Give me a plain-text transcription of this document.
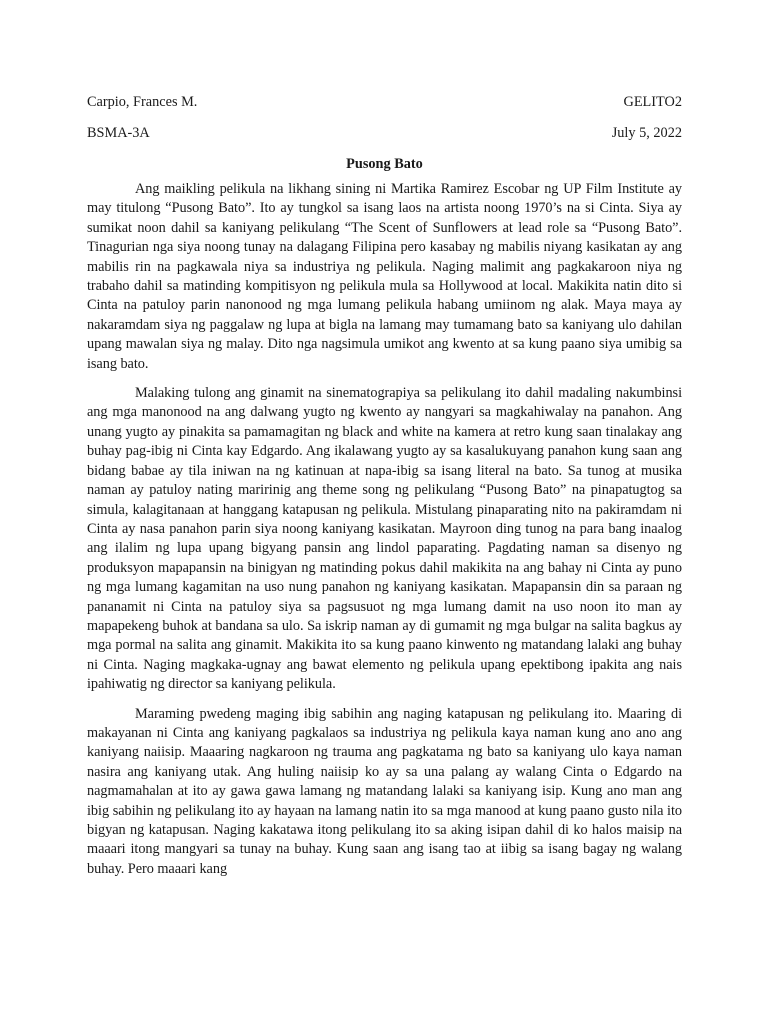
Carpio, Frances M.	GELITO2
BSMA-3A	July 5, 2022
Pusong Bato

Ang maikling pelikula na likhang sining ni Martika Ramirez Escobar ng UP Film Institute ay may titulong “Pusong Bato”. Ito ay tungkol sa isang laos na artista noong 1970’s na si Cinta. Siya ay sumikat noon dahil sa kaniyang pelikulang “The Scent of Sunflowers at lead role sa “Pusong Bato”. Tinagurian nga siya noong tunay na dalagang Filipina pero kasabay ng mabilis niyang kasikatan ay ang mabilis rin na pagkawala niya sa industriya ng pelikula. Naging malimit ang pagkakaroon niya ng trabaho dahil sa matinding kompitisyon ng pelikula mula sa Hollywood at local. Makikita natin dito si Cinta na patuloy parin nanonood ng mga lumang pelikula habang umiinom ng alak. Maya maya ay nakaramdam siya ng paggalaw ng lupa at bigla na lamang may tumamang bato sa kaniyang ulo dahilan upang mawalan siya ng malay. Dito nga nagsimula umikot ang kwento at sa kung paano siya umibig sa isang bato.

Malaking tulong ang ginamit na sinematograpiya sa pelikulang ito dahil madaling nakumbinsi ang mga manonood na ang dalwang yugto ng kwento ay nangyari sa magkahiwalay na panahon. Ang unang yugto ay pinakita sa pamamagitan ng black and white na kamera at retro kung saan tinalakay ang buhay pag-ibig ni Cinta kay Edgardo. Ang ikalawang yugto ay sa kasalukuyang panahon kung saan ang bidang babae ay tila iniwan na ng katinuan at napa-ibig sa isang literal na bato. Sa tunog at musika naman ay patuloy nating maririnig ang theme song ng pelikulang “Pusong Bato” na pinapatugtog sa simula, kalagitanaan at hanggang katapusan ng pelikula. Mistulang pinaparating nito na pakiramdam ni Cinta ay nasa panahon parin siya noong kaniyang kasikatan. Mayroon ding tunog na para bang inaalog ang ilalim ng lupa upang bigyang pansin ang lindol paparating. Pagdating naman sa disenyo ng produksyon mapapansin na binigyan ng matinding pokus dahil makikita na ang bahay ni Cinta ay puno ng mga lumang kagamitan na uso nung panahon ng kaniyang kasikatan. Mapapansin din sa paraan ng pananamit ni Cinta na patuloy siya sa pagsusuot ng mga lumang damit na uso noon ito man ay mapapekeng buhok at bandana sa ulo. Sa iskrip naman ay di gumamit ng mga bulgar na salita bagkus ay mga pormal na salita ang ginamit. Makikita ito sa kung paano kinwento ng matandang lalaki ang buhay ni Cinta. Naging magkaka-ugnay ang bawat elemento ng pelikula upang epektibong ipakita ang nais ipahiwatig ng director sa kaniyang pelikula.

Maraming pwedeng maging ibig sabihin ang naging katapusan ng pelikulang ito. Maaring di makayanan ni Cinta ang kaniyang pagkalaos sa industriya ng pelikula kaya naman kung ano ano ang kaniyang naiisip. Maaaring nagkaroon ng trauma ang pagkatama ng bato sa kaniyang ulo kaya naman nasira ang kaniyang utak. Ang huling naiisip ko ay sa una palang ay walang Cinta o Edgardo na nagmamahalan at ito ay gawa gawa lamang ng matandang lalaki sa kaniyang isip. Kung ano man ang ibig sabihin ng pelikulang ito ay hayaan na lamang natin ito sa mga manood at kung paano gusto nila ito bigyan ng katapusan. Naging kakatawa itong pelikulang ito sa aking isipan dahil di ko halos maisip na maaari itong mangyari sa tunay na buhay. Kung saan ang isang tao at iibig sa isang bagay ng walang buhay. Pero maaari kang
